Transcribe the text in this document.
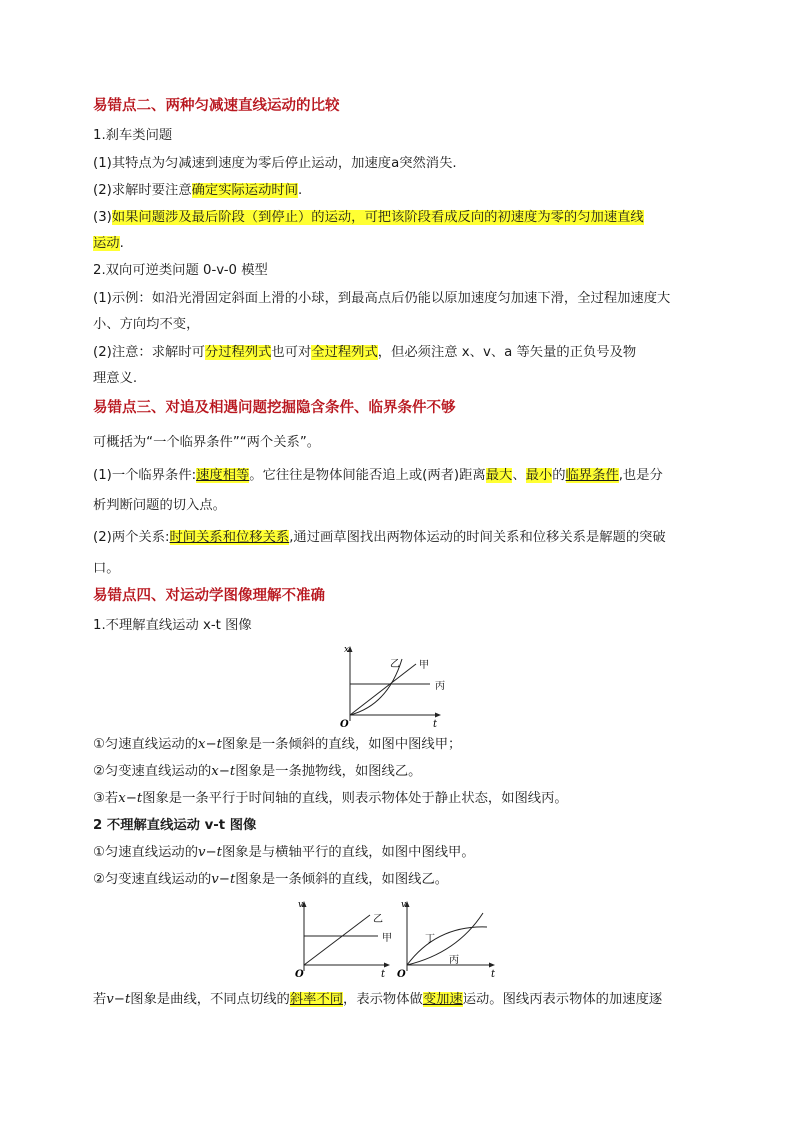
易错点二、两种匀减速直线运动的比较
1.刹车类问题
(1)其特点为匀减速到速度为零后停止运动，加速度a突然消失.
(2)求解时要注意确定实际运动时间.
(3)如果问题涉及最后阶段（到停止）的运动，可把该阶段看成反向的初速度为零的匀加速直线
运动.
2.双向可逆类问题 0-v-0 模型
(1)示例：如沿光滑固定斜面上滑的小球，到最高点后仍能以原加速度匀加速下滑，全过程加速度大
小、方向均不变，
(2)注意：求解时可分过程列式也可对全过程列式，但必须注意 x、v、a 等矢量的正负号及物
理意义.
易错点三、对追及相遇问题挖掘隐含条件、临界条件不够
可概括为“一个临界条件”“两个关系”。
(1)一个临界条件:速度相等。它往往是物体间能否追上或(两者)距离最大、最小的临界条件,也是分
析判断问题的切入点。
(2)两个关系:时间关系和位移关系,通过画草图找出两物体运动的时间关系和位移关系是解题的突破
口。
易错点四、对运动学图像理解不准确
1.不理解直线运动 x-t 图像
x
t
O
甲
乙
丙
①匀速直线运动的x−t图象是一条倾斜的直线，如图中图线甲；
②匀变速直线运动的x−t图象是一条抛物线，如图线乙。
③若x−t图象是一条平行于时间轴的直线，则表示物体处于静止状态，如图线丙。
2 不理解直线运动 v-t 图像
①匀速直线运动的v−t图象是与横轴平行的直线，如图中图线甲。
②匀变速直线运动的v−t图象是一条倾斜的直线，如图线乙。
v
t
O
乙
甲
v
t
O
丁
丙
若v−t图象是曲线，不同点切线的斜率不同，表示物体做变加速运动。图线丙表示物体的加速度逐
